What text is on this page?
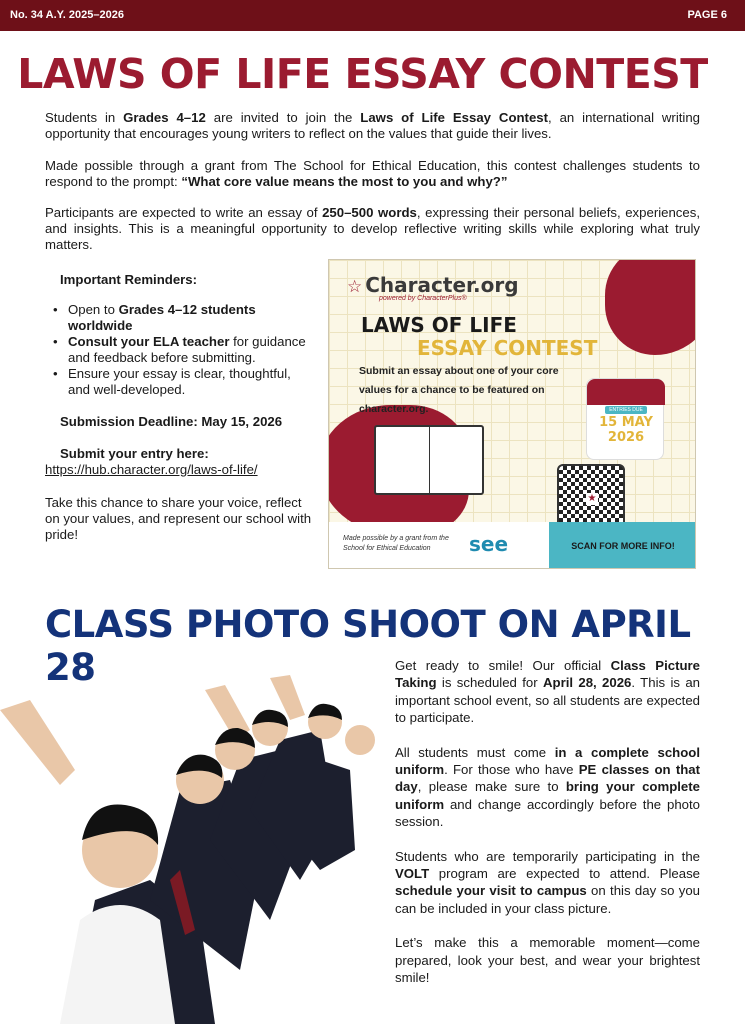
No. 34 A.Y. 2025–2026	PAGE 6
LAWS OF LIFE ESSAY CONTEST

Students in Grades 4–12 are invited to join the Laws of Life Essay Contest, an international writing opportunity that encourages young writers to reflect on the values that guide their lives.

Made possible through a grant from The School for Ethical Education, this contest challenges students to respond to the prompt: “What core value means the most to you and why?”

Participants are expected to write an essay of 250–500 words, expressing their personal beliefs, experiences, and insights. This is a meaningful opportunity to develop reflective writing skills while exploring what truly matters.

Important Reminders:
• Open to Grades 4–12 students worldwide
• Consult your ELA teacher for guidance and feedback before submitting.
• Ensure your essay is clear, thoughtful, and well-developed.
Submission Deadline: May 15, 2026
Submit your entry here:
https://hub.character.org/laws-of-life/
Take this chance to share your voice, reflect on your values, and represent our school with pride!
☆ Character.org
powered by CharacterPlus®
LAWS OF LIFE
ESSAY CONTEST
Submit an essay about one of your core values for a chance to be featured on character.org.	ENTRIES DUE
15 MAY
2026
★
Made possible by a grant from the School for Ethical Education	see	SCAN FOR MORE INFO!
CLASS PHOTO SHOOT ON APRIL 28	Get ready to smile! Our official Class Picture Taking is scheduled for April 28, 2026. This is an important school event, so all students are expected to participate.

All students must come in a complete school uniform. For those who have PE classes on that day, please make sure to bring your complete uniform and change accordingly before the photo session.

Students who are temporarily participating in the VOLT program are expected to attend. Please schedule your visit to campus on this day so you can be included in your class picture.

Let’s make this a memorable moment—come prepared, look your best, and wear your brightest smile!
